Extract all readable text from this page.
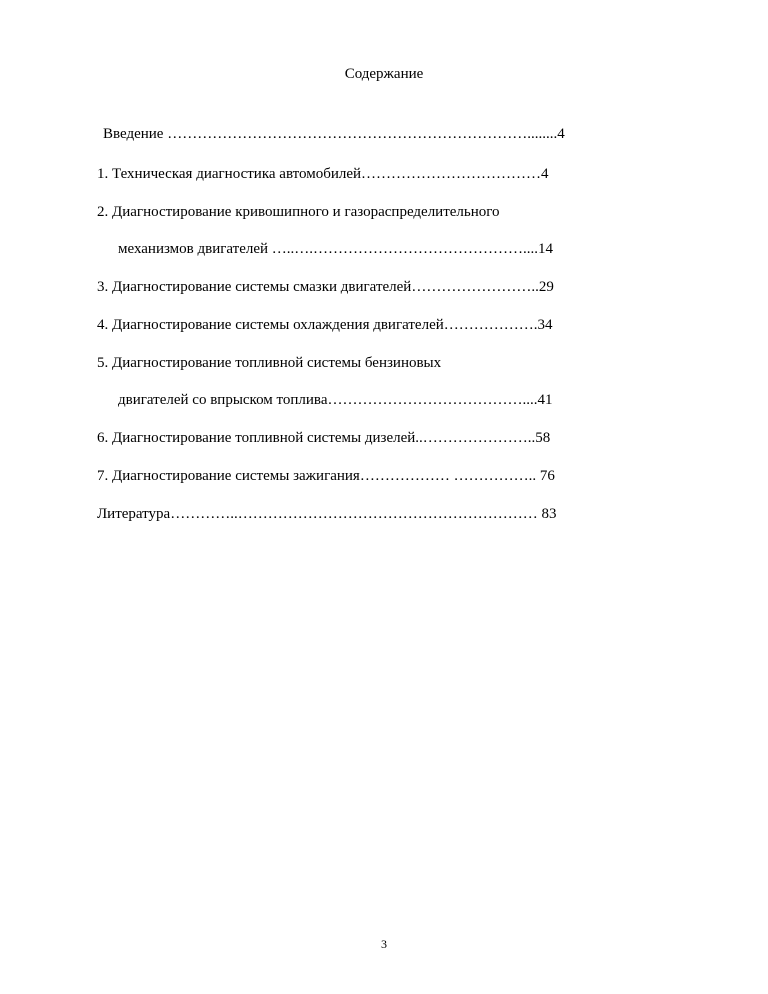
Содержание
Введение ………………………………………………………………........4
1. Техническая диагностика автомобилей………………………………4
2. Диагностирование кривошипного и газораспределительного
механизмов двигателей …..….……………………………………....14
3. Диагностирование системы смазки двигателей……………………..29
4. Диагностирование системы охлаждения двигателей……………….34
5. Диагностирование топливной системы бензиновых
двигателей со впрыском топлива…………………………………....41
6. Диагностирование топливной системы дизелей..…………………..58
7. Диагностирование системы зажигания……………… …………….. 76
Литература…………..…………………………………………………… 83
3
